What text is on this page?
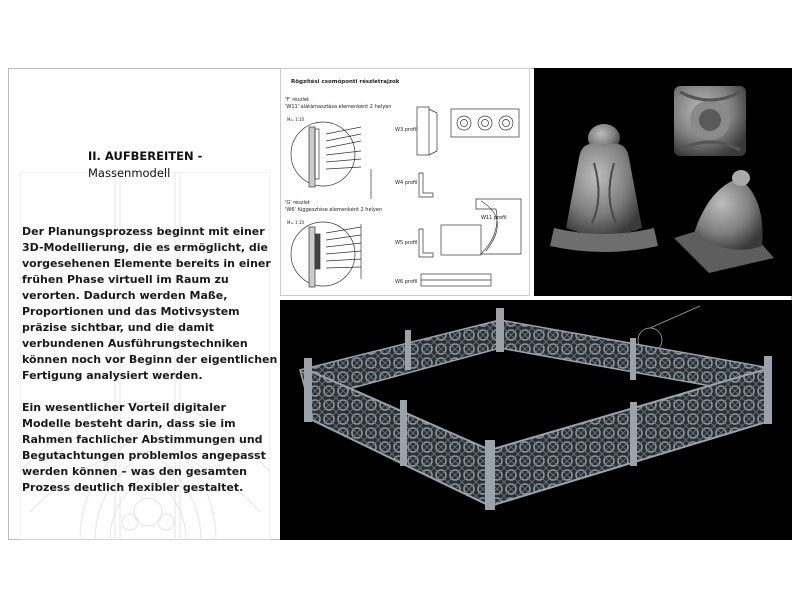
II. AUFBEREITEN -
Massenmodell

Der Planungsprozess beginnt mit einer 3D-Modellierung, die es ermöglicht, die vorgesehenen Elemente bereits in einer frühen Phase virtuell im Raum zu verorten. Dadurch werden Maße, Proportionen und das Motivsystem präzise sichtbar, und die damit verbundenen Ausführungstechniken können noch vor Beginn der eigentlichen Fertigung analysiert werden.

Ein wesentlicher Vorteil digitaler Modelle besteht darin, dass sie im Rahmen fachlicher Abstimmungen und Begutachtungen problemlos angepasst werden können – was den gesamten Prozess deutlich flexibler gestaltet.

Rögzítési csomóponti részletrajzok
'F' részlet
'W11' alátámasztása elemenként 2 helyen
M= 1:10
'G' részlet
'W6' függesztése elemenként 2 helyen
M= 1:10
W3 profil
W4 profil
W11 profil
W5 profil
W6 profil
